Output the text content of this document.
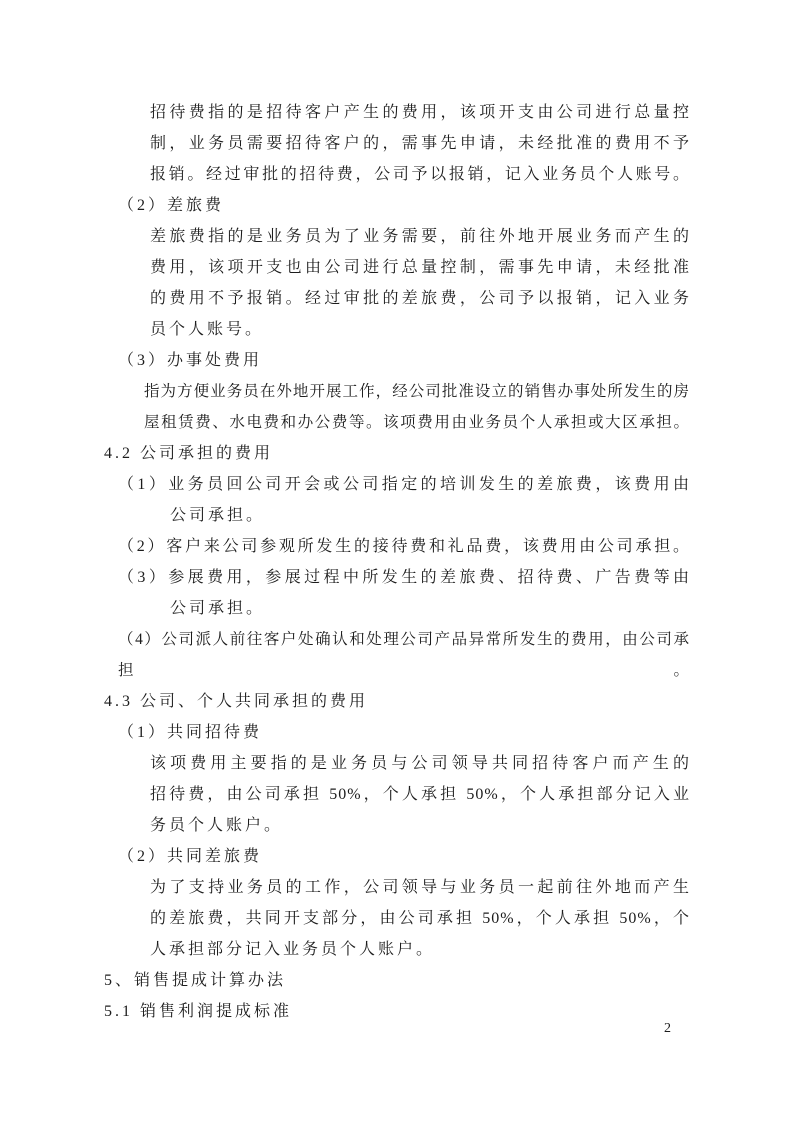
招待费指的是招待客户产生的费用，该项开支由公司进行总量控
制，业务员需要招待客户的，需事先申请，未经批准的费用不予
报销。经过审批的招待费，公司予以报销，记入业务员个人账号。
（2）差旅费
差旅费指的是业务员为了业务需要，前往外地开展业务而产生的
费用，该项开支也由公司进行总量控制，需事先申请，未经批准
的费用不予报销。经过审批的差旅费，公司予以报销，记入业务
员个人账号。
（3）办事处费用
指为方便业务员在外地开展工作，经公司批准设立的销售办事处所发生的房
屋租赁费、水电费和办公费等。该项费用由业务员个人承担或大区承担。
4.2 公司承担的费用
（1）业务员回公司开会或公司指定的培训发生的差旅费，该费用由
公司承担。
（2）客户来公司参观所发生的接待费和礼品费，该费用由公司承担。
（3）参展费用，参展过程中所发生的差旅费、招待费、广告费等由
公司承担。
（4）公司派人前往客户处确认和处理公司产品异常所发生的费用，由公司承担。
4.3 公司、个人共同承担的费用
（1）共同招待费
该项费用主要指的是业务员与公司领导共同招待客户而产生的
招待费，由公司承担 50%，个人承担 50%，个人承担部分记入业
务员个人账户。
（2）共同差旅费
为了支持业务员的工作，公司领导与业务员一起前往外地而产生
的差旅费，共同开支部分，由公司承担 50%，个人承担 50%，个
人承担部分记入业务员个人账户。
5、销售提成计算办法
5.1 销售利润提成标准
2
